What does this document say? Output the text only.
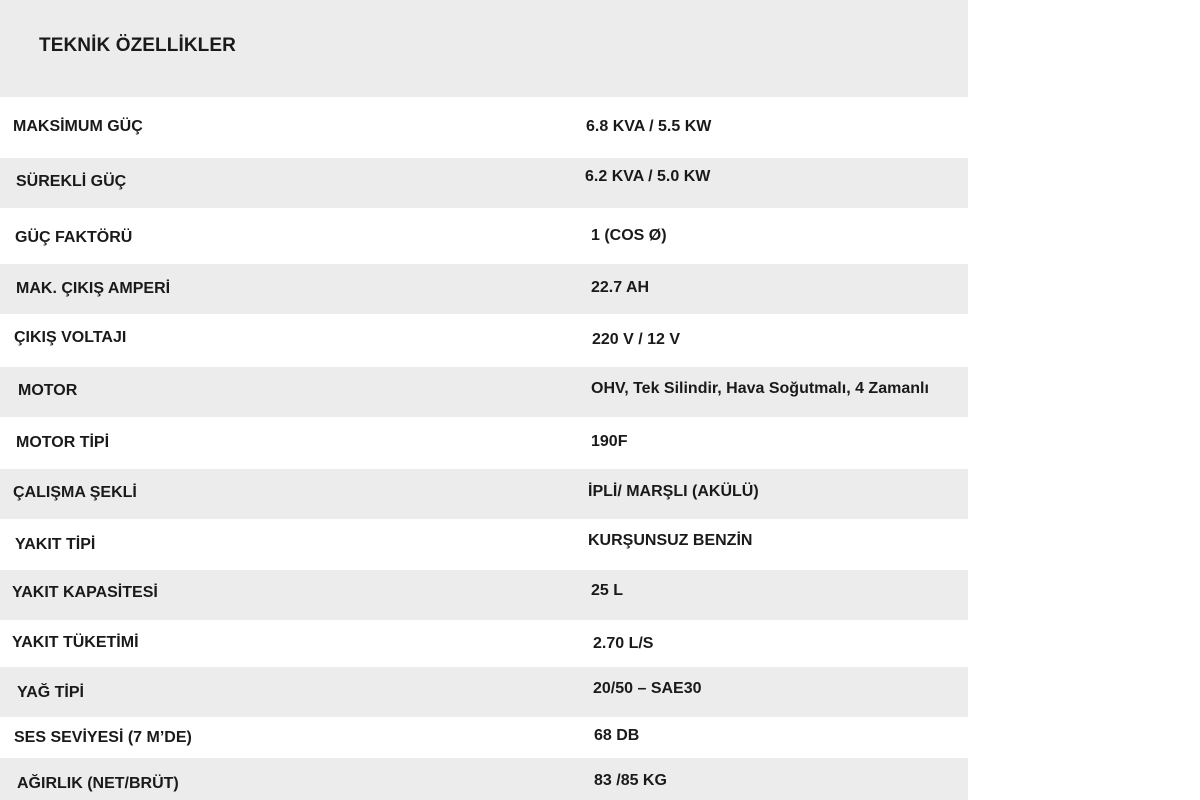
TEKNİK ÖZELLİKLER
MAKSİMUM GÜÇ	6.8 KVA / 5.5 KW
SÜREKLİ GÜÇ	6.2 KVA / 5.0 KW
GÜÇ FAKTÖRÜ	1 (COS Ø)
MAK. ÇIKIŞ AMPERİ	22.7 AH
ÇIKIŞ VOLTAJI	220 V / 12 V
MOTOR	OHV, Tek Silindir, Hava Soğutmalı, 4 Zamanlı
MOTOR TİPİ	190F
ÇALIŞMA ŞEKLİ	İPLİ/ MARŞLI (AKÜLÜ)
YAKIT TİPİ	KURŞUNSUZ BENZİN
YAKIT KAPASİTESİ	25 L
YAKIT TÜKETİMİ	2.70 L/S
YAĞ TİPİ	20/50 – SAE30
SES SEVİYESİ (7 M’DE)	68 DB
AĞIRLIK (NET/BRÜT)	83 /85 KG
